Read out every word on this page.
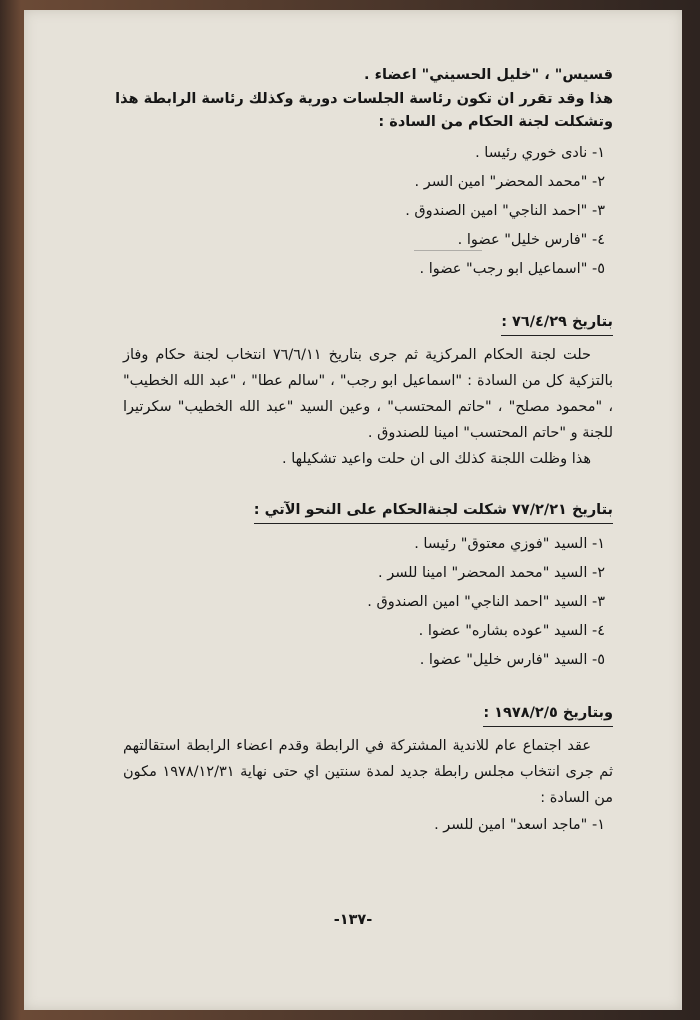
قسيس" ، "خليل الحسيني" اعضاء .
هذا وقد تقرر ان تكون رئاسة الجلسات دورية وكذلك رئاسة الرابطة هذا
وتشكلت لجنة الحكام من السادة :
١- نادى خوري رئيسا .
٢- "محمد المحضر" امين السر .
٣- "احمد الناجي" امين الصندوق .
٤- "فارس خليل" عضوا .
٥- "اسماعيل ابو رجب" عضوا .
بتاريخ ٧٦/٤/٢٩ :
حلت لجنة الحكام المركزية ثم جرى بتاريخ ٧٦/٦/١١ انتخاب لجنة حكام وفاز بالتزكية كل من السادة : "اسماعيل ابو رجب" ، "سالم عطا" ، "عبد الله الخطيب" ، "محمود مصلح" ، "حاتم المحتسب" ، وعين السيد "عبد الله الخطيب" سكرتيرا للجنة و "حاتم المحتسب" امينا للصندوق .
هذا وظلت اللجنة كذلك الى ان حلت واعيد تشكيلها .
بتاريخ ٧٧/٢/٢١ شكلت لجنةالحكام على النحو الآتي :
١- السيد "فوزي معتوق" رئيسا .
٢- السيد "محمد المحضر" امينا للسر .
٣- السيد "احمد الناجي" امين الصندوق .
٤- السيد "عوده بشاره" عضوا .
٥- السيد "فارس خليل" عضوا .
وبتاريخ ١٩٧٨/٢/٥ :
عقد اجتماع عام للاندية المشتركة في الرابطة وقدم اعضاء الرابطة استقالتهم ثم جرى انتخاب مجلس رابطة جديد لمدة سنتين اي حتى نهاية ١٩٧٨/١٢/٣١ مكون من السادة :
١- "ماجد اسعد" امين للسر .
-١٣٧-
